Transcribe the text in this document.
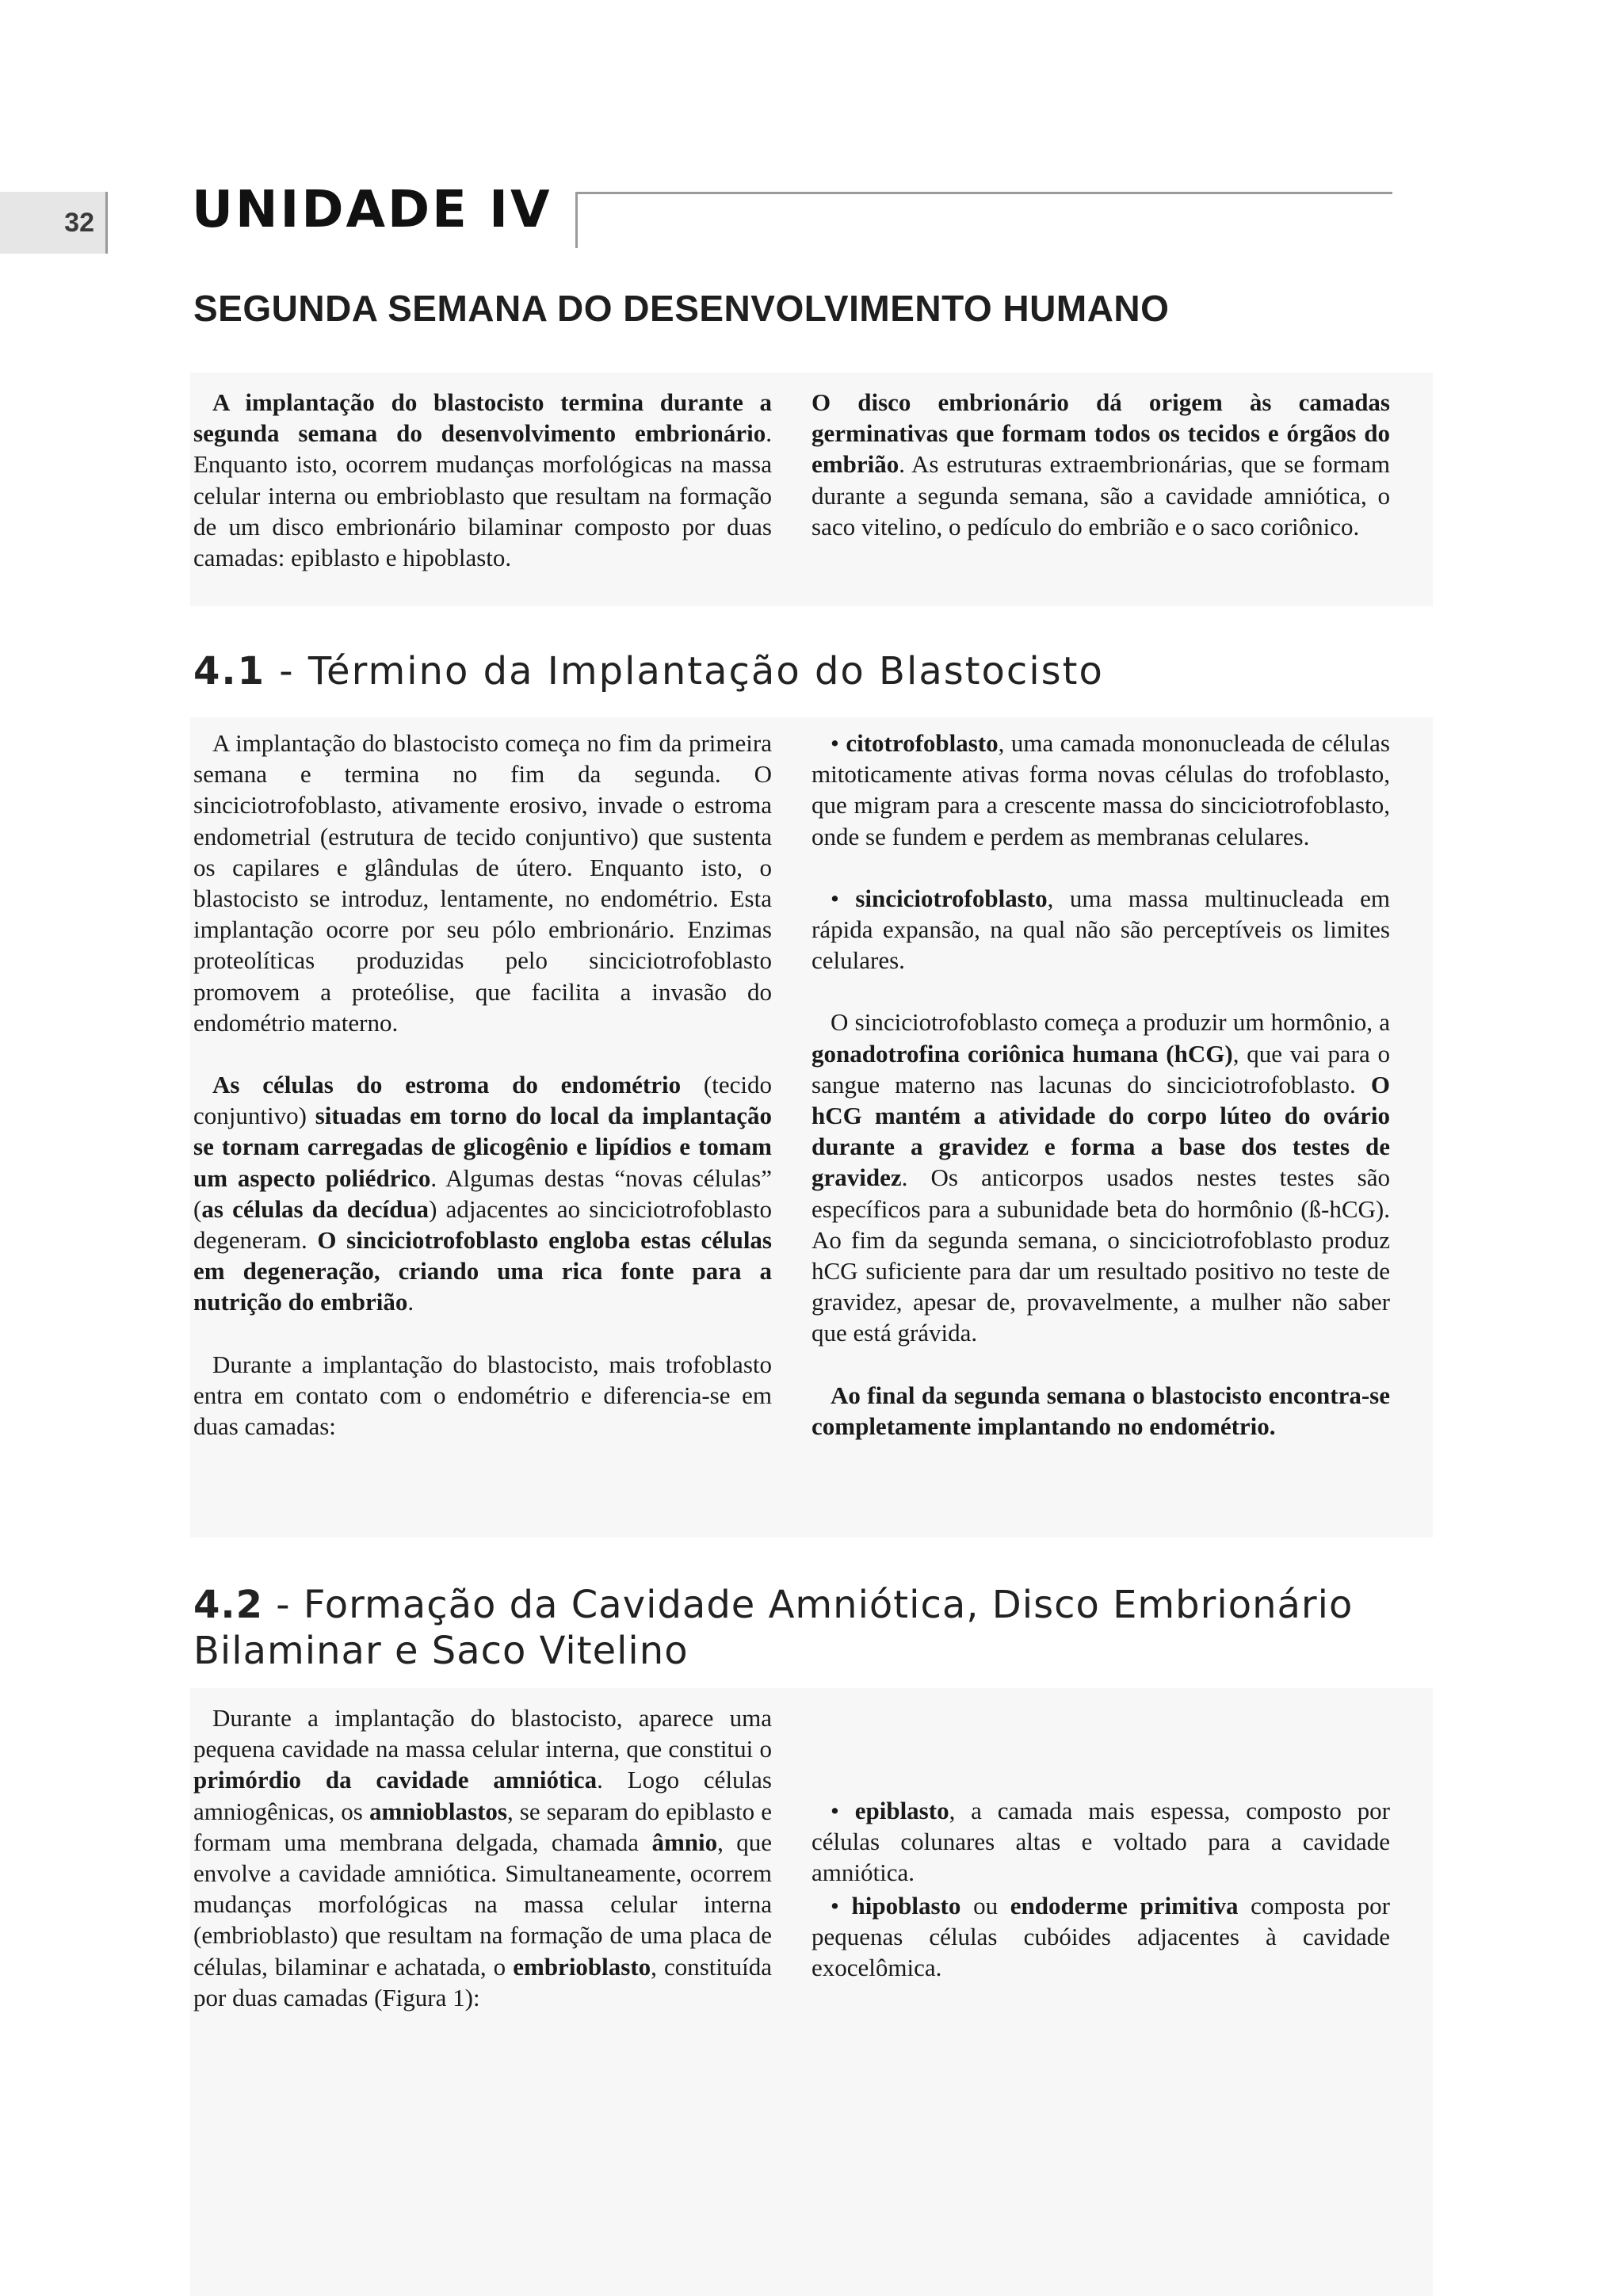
32 UNIDADE IV
SEGUNDA SEMANA DO DESENVOLVIMENTO HUMANO

A implantação do blastocisto termina durante a segunda semana do desenvolvimento embrionário. Enquanto isto, ocorrem mudanças morfológicas na massa celular interna ou embrioblasto que resultam na formação de um disco embrionário bilaminar composto por duas camadas: epiblasto e hipoblasto.

O disco embrionário dá origem às camadas germinativas que formam todos os tecidos e órgãos do embrião. As estruturas extraembrionárias, que se formam durante a segunda semana, são a cavidade amniótica, o saco vitelino, o pedículo do embrião e o saco coriônico.

4.1 - Término da Implantação do Blastocisto

A implantação do blastocisto começa no fim da primeira semana e termina no fim da segunda. O sinciciotrofoblasto, ativamente erosivo, invade o estroma endometrial (estrutura de tecido conjuntivo) que sustenta os capilares e glândulas de útero. Enquanto isto, o blastocisto se introduz, lentamente, no endométrio. Esta implantação ocorre por seu pólo embrionário. Enzimas proteolíticas produzidas pelo sinciciotrofoblasto promovem a proteólise, que facilita a invasão do endométrio materno.

As células do estroma do endométrio (tecido conjuntivo) situadas em torno do local da implantação se tornam carregadas de glicogênio e lipídios e tomam um aspecto poliédrico. Algumas destas “novas células” (as células da decídua) adjacentes ao sinciciotrofoblasto degeneram. O sinciciotrofoblasto engloba estas células em degeneração, criando uma rica fonte para a nutrição do embrião.

Durante a implantação do blastocisto, mais trofoblasto entra em contato com o endométrio e diferencia-se em duas camadas:

• citotrofoblasto, uma camada mononucleada de células mitoticamente ativas forma novas células do trofoblasto, que migram para a crescente massa do sinciciotrofoblasto, onde se fundem e perdem as membranas celulares.

• sinciciotrofoblasto, uma massa multinucleada em rápida expansão, na qual não são perceptíveis os limites celulares.

O sinciciotrofoblasto começa a produzir um hormônio, a gonadotrofina coriônica humana (hCG), que vai para o sangue materno nas lacunas do sinciciotrofoblasto. O hCG mantém a atividade do corpo lúteo do ovário durante a gravidez e forma a base dos testes de gravidez. Os anticorpos usados nestes testes são específicos para a subunidade beta do hormônio (ß-hCG). Ao fim da segunda semana, o sinciciotrofoblasto produz hCG suficiente para dar um resultado positivo no teste de gravidez, apesar de, provavelmente, a mulher não saber que está grávida.

Ao final da segunda semana o blastocisto encontra-se completamente implantando no endométrio.

4.2 - Formação da Cavidade Amniótica, Disco Embrionário
Bilaminar e Saco Vitelino

Durante a implantação do blastocisto, aparece uma pequena cavidade na massa celular interna, que constitui o primórdio da cavidade amniótica. Logo células amniogênicas, os amnioblastos, se separam do epiblasto e formam uma membrana delgada, chamada âmnio, que envolve a cavidade amniótica. Simultaneamente, ocorrem mudanças morfológicas na massa celular interna (embrioblasto) que resultam na formação de uma placa de células, bilaminar e achatada, o embrioblasto, constituída por duas camadas (Figura 1):

• epiblasto, a camada mais espessa, composto por células colunares altas e voltado para a cavidade amniótica.

• hipoblasto ou endoderme primitiva composta por pequenas células cubóides adjacentes à cavidade exocelômica.
